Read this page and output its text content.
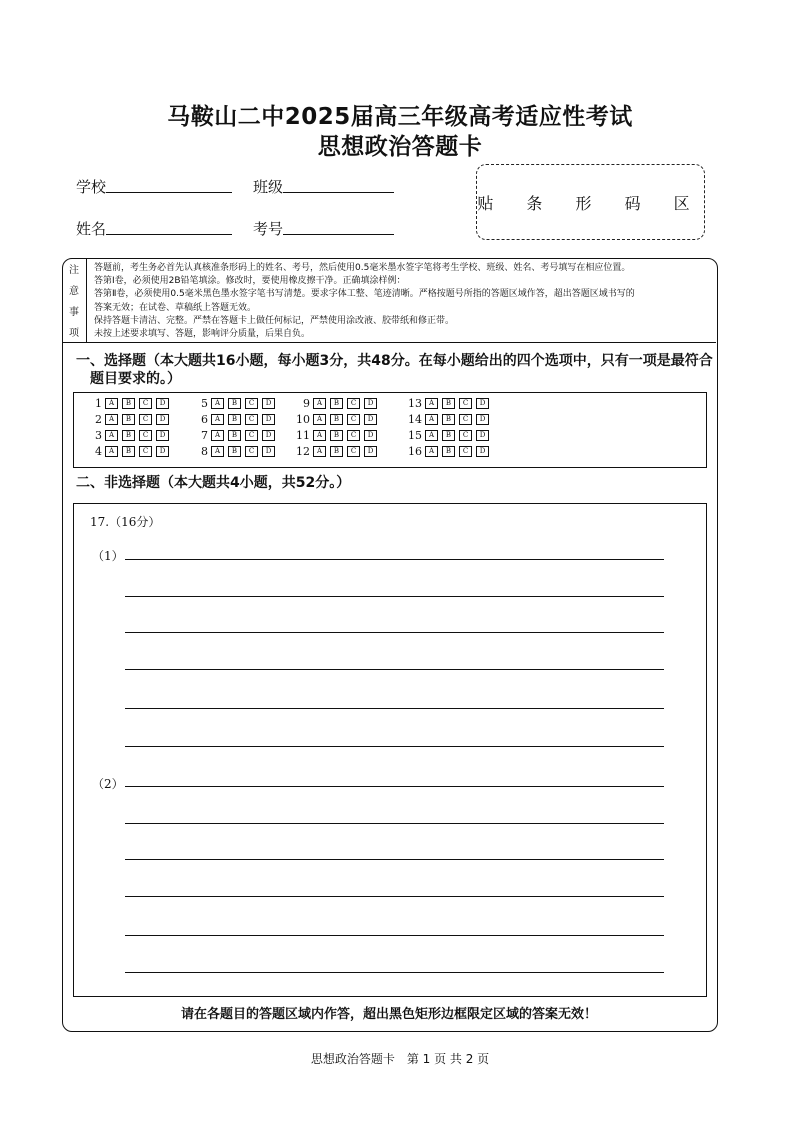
马鞍山二中2025届高三年级高考适应性考试
思想政治答题卡
学校	班级
姓名	考号
贴 条 形 码 区
注
意
事
项
答题前，考生务必首先认真核准条形码上的姓名、考号，然后使用0.5毫米墨水签字笔将考生学校、班级、姓名、考号填写在相应位置。
答第Ⅰ卷，必须使用2B铅笔填涂。修改时，要使用橡皮擦干净。正确填涂样例：
答第Ⅱ卷，必须使用0.5毫米黑色墨水签字笔书写清楚。要求字体工整、笔迹清晰。严格按题号所指的答题区域作答，超出答题区域书写的
答案无效；在试卷、草稿纸上答题无效。
保持答题卡清洁、完整。严禁在答题卡上做任何标记，严禁使用涂改液、胶带纸和修正带。
未按上述要求填写、答题，影响评分质量，后果自负。
一、选择题（本大题共16小题，每小题3分，共48分。在每小题给出的四个选项中，只有一项是最符合
题目要求的。）
1 A	B	C	D
2 A	B	C	D
3 A	B	C	D
4 A	B	C	D
5 A	B	C	D
6 A	B	C	D
7 A	B	C	D
8 A	B	C	D
9 A	B	C	D
10 A	B	C	D
11 A	B	C	D
12 A	B	C	D
13 A	B	C	D
14 A	B	C	D
15 A	B	C	D
16 A	B	C	D
二、非选择题（本大题共4小题，共52分。）
17.（16分）
（1）
（2）
请在各题目的答题区域内作答，超出黑色矩形边框限定区域的答案无效！
思想政治答题卡　第 1 页 共 2 页
